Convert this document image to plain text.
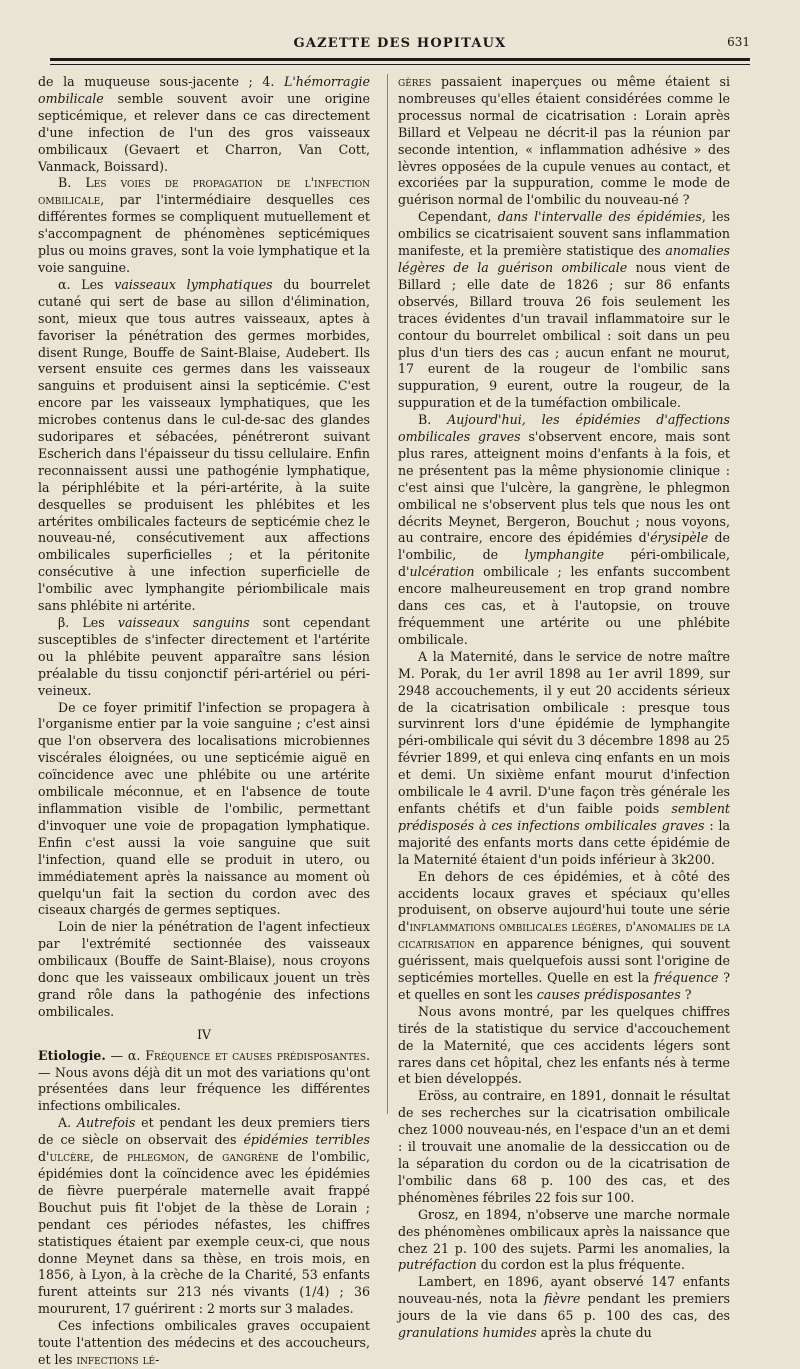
GAZETTE DES HOPITAUX	631

de la muqueuse sous-jacente ; 4. L'hémorragie ombilicale semble souvent avoir une origine septicémique, et relever dans ce cas directement d'une infection de l'un des gros vaisseaux ombilicaux (Gevaert et Charron, Van Cott, Vanmack, Boissard).

B. Les voies de propagation de l'infection ombilicale, par l'intermédiaire desquelles ces différentes formes se compliquent mutuellement et s'accompagnent de phénomènes septicémiques plus ou moins graves, sont la voie lymphatique et la voie sanguine.

α. Les vaisseaux lymphatiques du bourrelet cutané qui sert de base au sillon d'élimination, sont, mieux que tous autres vaisseaux, aptes à favoriser la pénétration des germes morbides, disent Runge, Bouffe de Saint-Blaise, Audebert. Ils versent ensuite ces germes dans les vaisseaux sanguins et produisent ainsi la septicémie. C'est encore par les vaisseaux lymphatiques, que les microbes contenus dans le cul-de-sac des glandes sudoripares et sébacées, pénétreront suivant Escherich dans l'épaisseur du tissu cellulaire. Enfin reconnaissent aussi une pathogénie lymphatique, la périphlébite et la péri-artérite, à la suite desquelles se produisent les phlébites et les artérites ombilicales facteurs de septicémie chez le nouveau-né, consécutivement aux affections ombilicales superficielles ; et la péritonite consécutive à une infection superficielle de l'ombilic avec lymphangite périombilicale mais sans phlébite ni artérite.

β. Les vaisseaux sanguins sont cependant susceptibles de s'infecter directement et l'artérite ou la phlébite peuvent apparaître sans lésion préalable du tissu conjonctif péri-artériel ou péri-veineux.

De ce foyer primitif l'infection se propagera à l'organisme entier par la voie sanguine ; c'est ainsi que l'on observera des localisations microbiennes viscérales éloignées, ou une septicémie aiguë en coïncidence avec une phlébite ou une artérite ombilicale méconnue, et en l'absence de toute inflammation visible de l'ombilic, permettant d'invoquer une voie de propagation lymphatique. Enfin c'est aussi la voie sanguine que suit l'infection, quand elle se produit in utero, ou immédiatement après la naissance au moment où quelqu'un fait la section du cordon avec des ciseaux chargés de germes septiques.

Loin de nier la pénétration de l'agent infectieux par l'extrémité sectionnée des vaisseaux ombilicaux (Bouffe de Saint-Blaise), nous croyons donc que les vaisseaux ombilicaux jouent un très grand rôle dans la pathogénie des infections ombilicales.

IV

Etiologie. — α. Fréquence et causes prédisposantes. — Nous avons déjà dit un mot des variations qu'ont présentées dans leur fréquence les différentes infections ombilicales.

A. Autrefois et pendant les deux premiers tiers de ce siècle on observait des épidémies terribles d'ulcère, de phlegmon, de gangrène de l'ombilic, épidémies dont la coïncidence avec les épidémies de fièvre puerpérale maternelle avait frappé Bouchut puis fit l'objet de la thèse de Lorain ; pendant ces périodes néfastes, les chiffres statistiques étaient par exemple ceux-ci, que nous donne Meynet dans sa thèse, en trois mois, en 1856, à Lyon, à la crèche de la Charité, 53 enfants furent atteints sur 213 nés vivants (1/4) ; 36 moururent, 17 guérirent : 2 morts sur 3 malades.

Ces infections ombilicales graves occupaient toute l'attention des médecins et des accoucheurs, et les infections lé-

gères passaient inaperçues ou même étaient si nombreuses qu'elles étaient considérées comme le processus normal de cicatrisation : Lorain après Billard et Velpeau ne décrit-il pas la réunion par seconde intention, « inflammation adhésive » des lèvres opposées de la cupule venues au contact, et excoriées par la suppuration, comme le mode de guérison normal de l'ombilic du nouveau-né ?

Cependant, dans l'intervalle des épidémies, les ombilics se cicatrisaient souvent sans inflammation manifeste, et la première statistique des anomalies légères de la guérison ombilicale nous vient de Billard ; elle date de 1826 ; sur 86 enfants observés, Billard trouva 26 fois seulement les traces évidentes d'un travail inflammatoire sur le contour du bourrelet ombilical : soit dans un peu plus d'un tiers des cas ; aucun enfant ne mourut, 17 eurent de la rougeur de l'ombilic sans suppuration, 9 eurent, outre la rougeur, de la suppuration et de la tuméfaction ombilicale.

B. Aujourd'hui, les épidémies d'affections ombilicales graves s'observent encore, mais sont plus rares, atteignent moins d'enfants à la fois, et ne présentent pas la même physionomie clinique : c'est ainsi que l'ulcère, la gangrène, le phlegmon ombilical ne s'observent plus tels que nous les ont décrits Meynet, Bergeron, Bouchut ; nous voyons, au contraire, encore des épidémies d'érysipèle de l'ombilic, de lymphangite péri-ombilicale, d'ulcération ombilicale ; les enfants succombent encore malheureusement en trop grand nombre dans ces cas, et à l'autopsie, on trouve fréquemment une artérite ou une phlébite ombilicale.

A la Maternité, dans le service de notre maître M. Porak, du 1er avril 1898 au 1er avril 1899, sur 2948 accouchements, il y eut 20 accidents sérieux de la cicatrisation ombilicale : presque tous survinrent lors d'une épidémie de lymphangite péri-ombilicale qui sévit du 3 décembre 1898 au 25 février 1899, et qui enleva cinq enfants en un mois et demi. Un sixième enfant mourut d'infection ombilicale le 4 avril. D'une façon très générale les enfants chétifs et d'un faible poids semblent prédisposés à ces infections ombilicales graves : la majorité des enfants morts dans cette épidémie de la Maternité étaient d'un poids inférieur à 3k200.

En dehors de ces épidémies, et à côté des accidents locaux graves et spéciaux qu'elles produisent, on observe aujourd'hui toute une série d'inflammations ombilicales légères, d'anomalies de la cicatrisation en apparence bénignes, qui souvent guérissent, mais quelquefois aussi sont l'origine de septicémies mortelles. Quelle en est la fréquence ? et quelles en sont les causes prédisposantes ?

Nous avons montré, par les quelques chiffres tirés de la statistique du service d'accouchement de la Maternité, que ces accidents légers sont rares dans cet hôpital, chez les enfants nés à terme et bien développés.

Eröss, au contraire, en 1891, donnait le résultat de ses recherches sur la cicatrisation ombilicale chez 1000 nouveau-nés, en l'espace d'un an et demi : il trouvait une anomalie de la dessiccation ou de la séparation du cordon ou de la cicatrisation de l'ombilic dans 68 p. 100 des cas, et des phénomènes fébriles 22 fois sur 100.

Grosz, en 1894, n'observe une marche normale des phénomènes ombilicaux après la naissance que chez 21 p. 100 des sujets. Parmi les anomalies, la putréfaction du cordon est la plus fréquente.

Lambert, en 1896, ayant observé 147 enfants nouveau-nés, nota la fièvre pendant les premiers jours de la vie dans 65 p. 100 des cas, des granulations humides après la chute du
